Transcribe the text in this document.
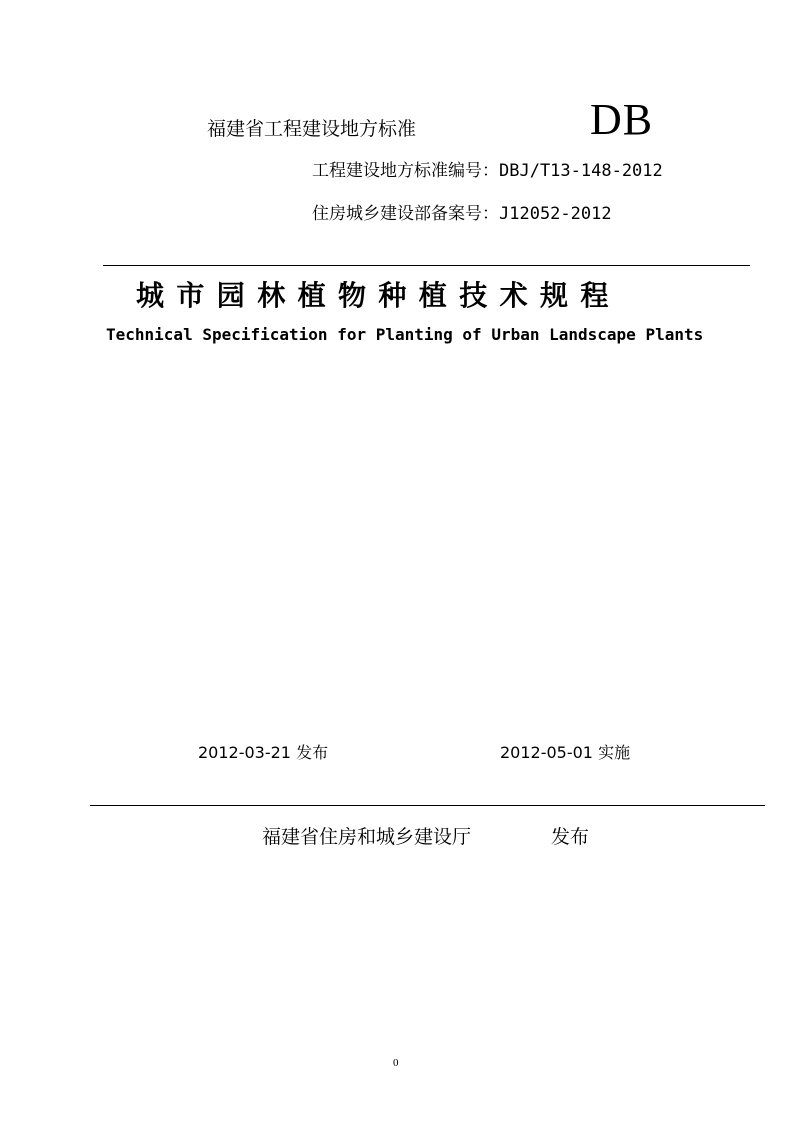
福建省工程建设地方标准	DB
工程建设地方标准编号：DBJ/T13-148-2012
住房城乡建设部备案号：J12052-2012
城市园林植物种植技术规程
Technical Specification for Planting of Urban Landscape Plants
2012-03-21 发布	2012-05-01 实施
福建省住房和城乡建设厅	发布
0
